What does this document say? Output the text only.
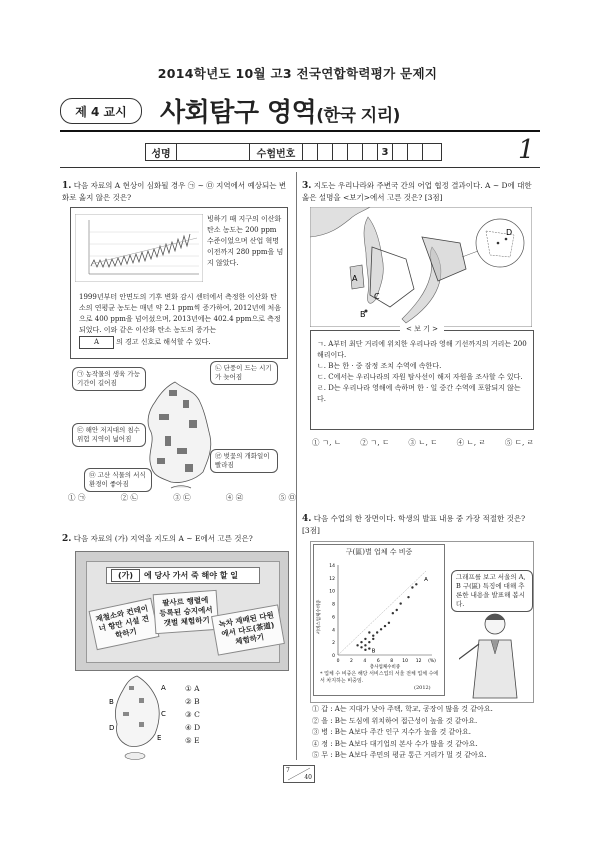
2014학년도 10월 고3 전국연합학력평가 문제지
제 4 교시	사회탐구 영역(한국 지리)
성명	수험번호	3	1
1. 다음 자료의 A 현상이 심화될 경우 ㉠ ~ ㉤ 지역에서 예상되는 변화로 옳지 않은 것은?
빙하기 때 지구의 이산화 탄소 농도는 200 ppm 수준이었으며 산업 혁명 이전까지 280 ppm을 넘지 않았다.
1999년부터 안면도의 기후 변화 감시 센터에서 측정한 이산화 탄소의 연평균 농도는 매년 약 2.1 ppm씩 증가하여, 2012년에 처음으로 400 ppm을 넘어섰으며, 2013년에는 402.4 ppm으로 측정되었다. 이와 같은 이산화 탄소 농도의 증가는
A 의 경고 신호로 해석할 수 있다.
㉠ 농작물의 생육 가능 기간이 길어짐
㉡ 단풍이 드는 시기가 늦어짐
㉢ 해안 저지대의 침수 위험 지역이 넓어짐
㉣ 벚꽃의 개화일이 빨라짐
㉤ 고산 식물의 서식 환경이 좋아짐
① ㉠	② ㉡	③ ㉢	④ ㉣	⑤ ㉤
2. 다음 자료의 (가) 지역을 지도의 A ~ E에서 고른 것은?
(가)	에 당사 가서 죽 해야 할 일
제철소와 컨테이너 항만 시설 견학하기
팔사르 행렬에 등록된 승지에서 갯벌 체험하기	녹차 재배된 다원에서 다도(茶道) 체험하기
A
B
C
D
E
① A
② B
③ C
④ D
⑤ E
3. 지도는 우리나라와 주변국 간의 어업 협정 결과이다. A ~ D에 대한 옳은 설명을 <보기>에서 고른 것은? [3점]
A
B
C
D
< 보 기 >
ㄱ. A부터 최단 거리에 위치한 우리나라 영해 기선까지의 거리는 200해리이다.
ㄴ. B는 한 · 중 잠정 조치 수역에 속한다.
ㄷ. C에서는 우리나라의 자원 탐사선이 해저 자원을 조사할 수 있다.
ㄹ. D는 우리나라 영해에 속하며 한 · 일 중간 수역에 포함되지 않는다.
① ㄱ, ㄴ	② ㄱ, ㄷ	③ ㄴ, ㄷ	④ ㄴ, ㄹ	⑤ ㄷ, ㄹ
4. 다음 수업의 한 장면이다. 학생의 발표 내용 중 가장 적절한 것은? [3점]
구(區)별 업체 수 비중
14
12
10
8
6
4
2
0
0 2 4 6 8 10 12 (%)
서비스업체수비중
총사업체수비중
A
B
* 업체 수 비중은 해당 서비스업의 서울 전체 업체 수에서 차지하는 비중임.
(2012)
그래프를 보고 서울의 A, B 구(區) 특징에 대해 추론한 내용을 발표해 봅시다.
① 갑 : A는 지대가 낮아 주택, 학교, 공장이 많을 것 같아요.
② 을 : B는 도심에 위치하여 접근성이 높을 것 같아요.
③ 병 : B는 A보다 주간 인구 지수가 높을 것 같아요.
④ 정 : B는 A보다 대기업의 본사 수가 많을 것 같아요.
⑤ 무 : B는 A보다 주민의 평균 통근 거리가 멀 것 같아요.
7
40
